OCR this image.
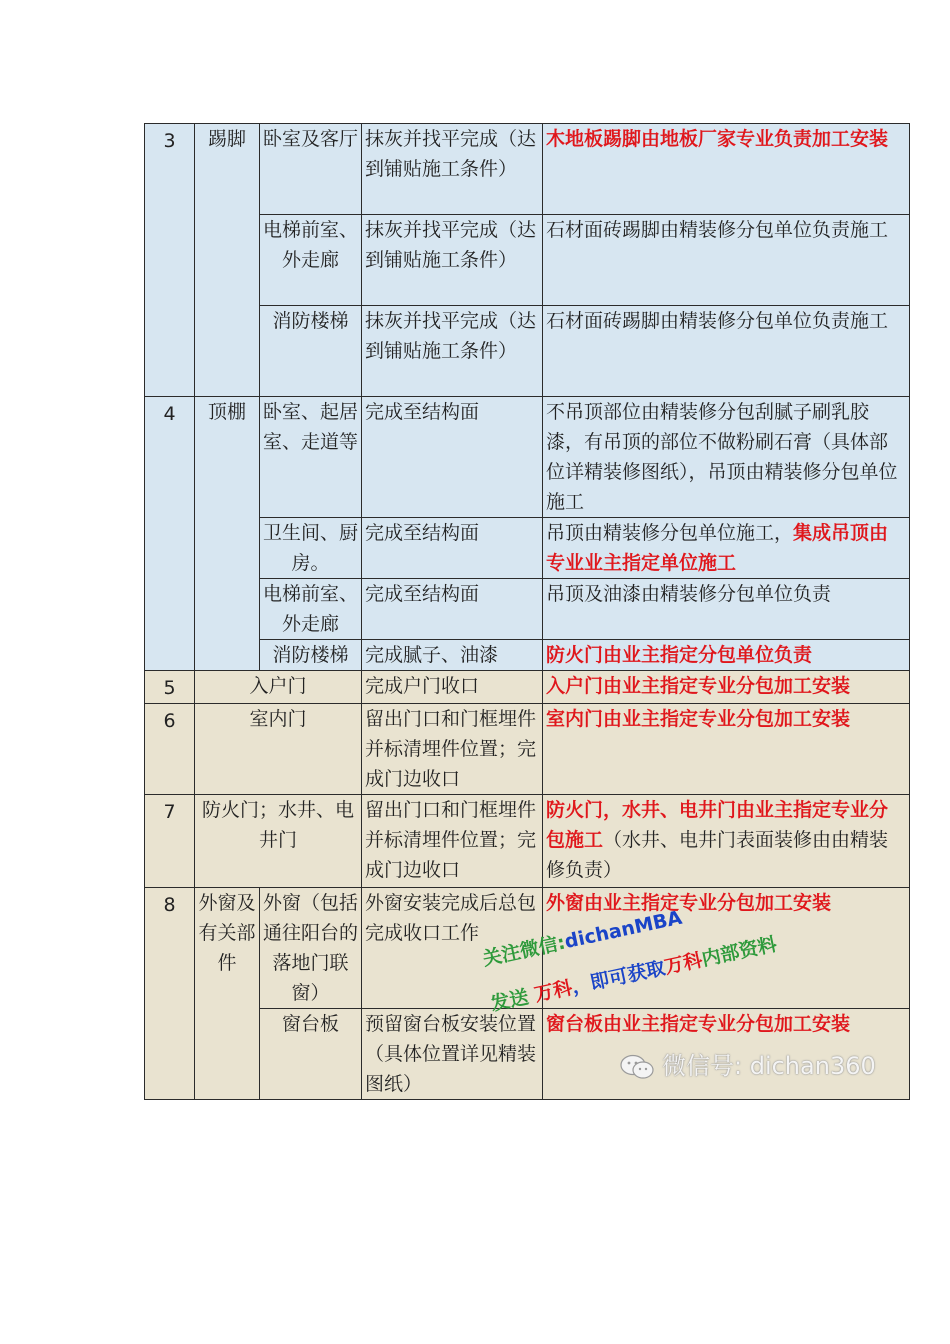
3	踢脚	卧室及客厅	抹灰并找平完成（达到铺贴施工条件）	木地板踢脚由地板厂家专业负责加工安装
		电梯前室、外走廊	抹灰并找平完成（达到铺贴施工条件）	石材面砖踢脚由精装修分包单位负责施工
		消防楼梯	抹灰并找平完成（达到铺贴施工条件）	石材面砖踢脚由精装修分包单位负责施工
4	顶棚	卧室、起居室、走道等	完成至结构面	不吊顶部位由精装修分包刮腻子刷乳胶漆，有吊顶的部位不做粉刷石膏（具体部位详精装修图纸），吊顶由精装修分包单位施工
		卫生间、厨房。	完成至结构面	吊顶由精装修分包单位施工，集成吊顶由专业业主指定单位施工
		电梯前室、外走廊	完成至结构面	吊顶及油漆由精装修分包单位负责
		消防楼梯	完成腻子、油漆	防火门由业主指定分包单位负责
5	入户门		完成户门收口	入户门由业主指定专业分包加工安装
6	室内门		留出门口和门框埋件并标清埋件位置；完成门边收口	室内门由业主指定专业分包加工安装
7	防火门；水井、电井门		留出门口和门框埋件并标清埋件位置；完成门边收口	防火门，水井、电井门由业主指定专业分包施工（水井、电井门表面装修由由精装修负责）
8	外窗及有关部件	外窗（包括通往阳台的落地门联窗）	外窗安装完成后总包完成收口工作	外窗由业主指定专业分包加工安装
		窗台板	预留窗台板安装位置（具体位置详见精装图纸）	窗台板由业主指定专业分包加工安装
关注微信:dichanMBA
发送 万科，即可获取万科内部资料
微信号: dichan360
